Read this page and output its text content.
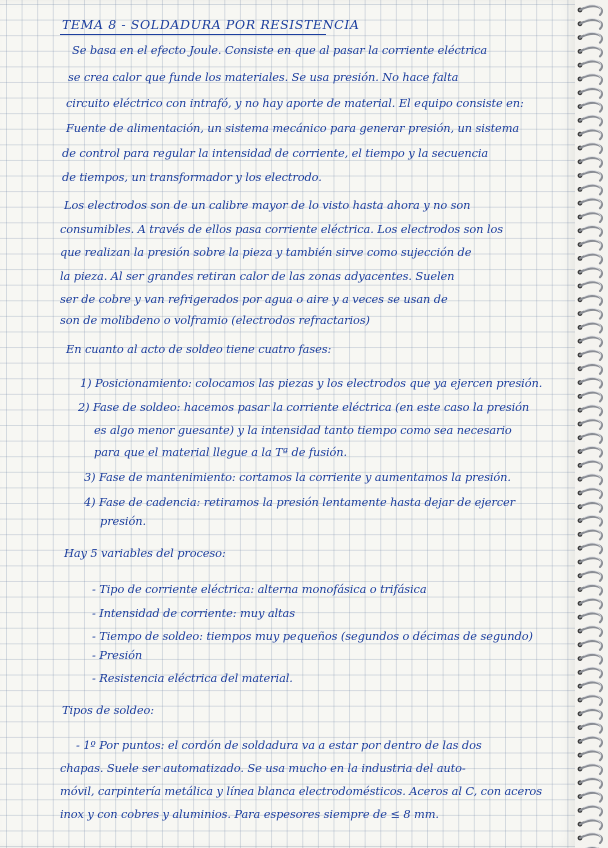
TEMA 8 - SOLDADURA POR RESISTENCIA
Se basa en el efecto Joule. Consiste en que al pasar la corriente eléctrica
se crea calor que funde los materiales. Se usa presión. No hace falta
circuito eléctrico con intrafó, y no hay aporte de material. El equipo consiste en:
Fuente de alimentación, un sistema mecánico para generar presión, un sistema
de control para regular la intensidad de corriente, el tiempo y la secuencia
de tiempos, un transformador y los electrodo.
Los electrodos son de un calibre mayor de lo visto hasta ahora y no son
consumibles. A través de ellos pasa corriente eléctrica. Los electrodos son los
que realizan la presión sobre la pieza y también sirve como sujección de
la pieza. Al ser grandes retiran calor de las zonas adyacentes. Suelen
ser de cobre y van refrigerados por agua o aire y a veces se usan de
son de molibdeno o volframio (electrodos refractarios)
En cuanto al acto de soldeo tiene cuatro fases:
1) Posicionamiento: colocamos las piezas y los electrodos que ya ejercen presión.
2) Fase de soldeo: hacemos pasar la corriente eléctrica (en este caso la presión
es algo menor guesante) y la intensidad tanto tiempo como sea necesario
para que el material llegue a la Tª de fusión.
3) Fase de mantenimiento: cortamos la corriente y aumentamos la presión.
4) Fase de cadencia: retiramos la presión lentamente hasta dejar de ejercer
presión.
Hay 5 variables del proceso:
- Tipo de corriente eléctrica: alterna monofásica o trifásica
- Intensidad de corriente: muy altas
- Tiempo de soldeo: tiempos muy pequeños (segundos o décimas de segundo)
- Presión
- Resistencia eléctrica del material.
Tipos de soldeo:
- 1º Por puntos: el cordón de soldadura va a estar por dentro de las dos
chapas. Suele ser automatizado. Se usa mucho en la industria del auto-
móvil, carpintería metálica y línea blanca electrodomésticos. Aceros al C, con aceros
inox y con cobres y aluminios. Para espesores siempre de ≤ 8 mm.
